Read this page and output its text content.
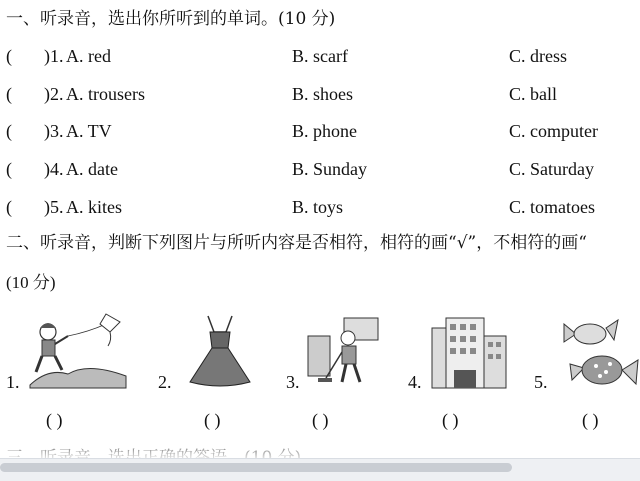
一、听录音，选出你所听到的单词。(10 分)
( ) 1. A. red	B. scarf	C. dress
( ) 2. A. trousers	B. shoes	C. ball
( ) 3. A. TV	B. phone	C. computer
( ) 4. A. date	B. Sunday	C. Saturday
( ) 5. A. kites	B. toys	C. tomatoes
二、听录音，判断下列图片与所听内容是否相符，相符的画“√”，不相符的画“
(10 分)
1.
( )
2.
( )
3.
( )
4.
( )
5.
( )
